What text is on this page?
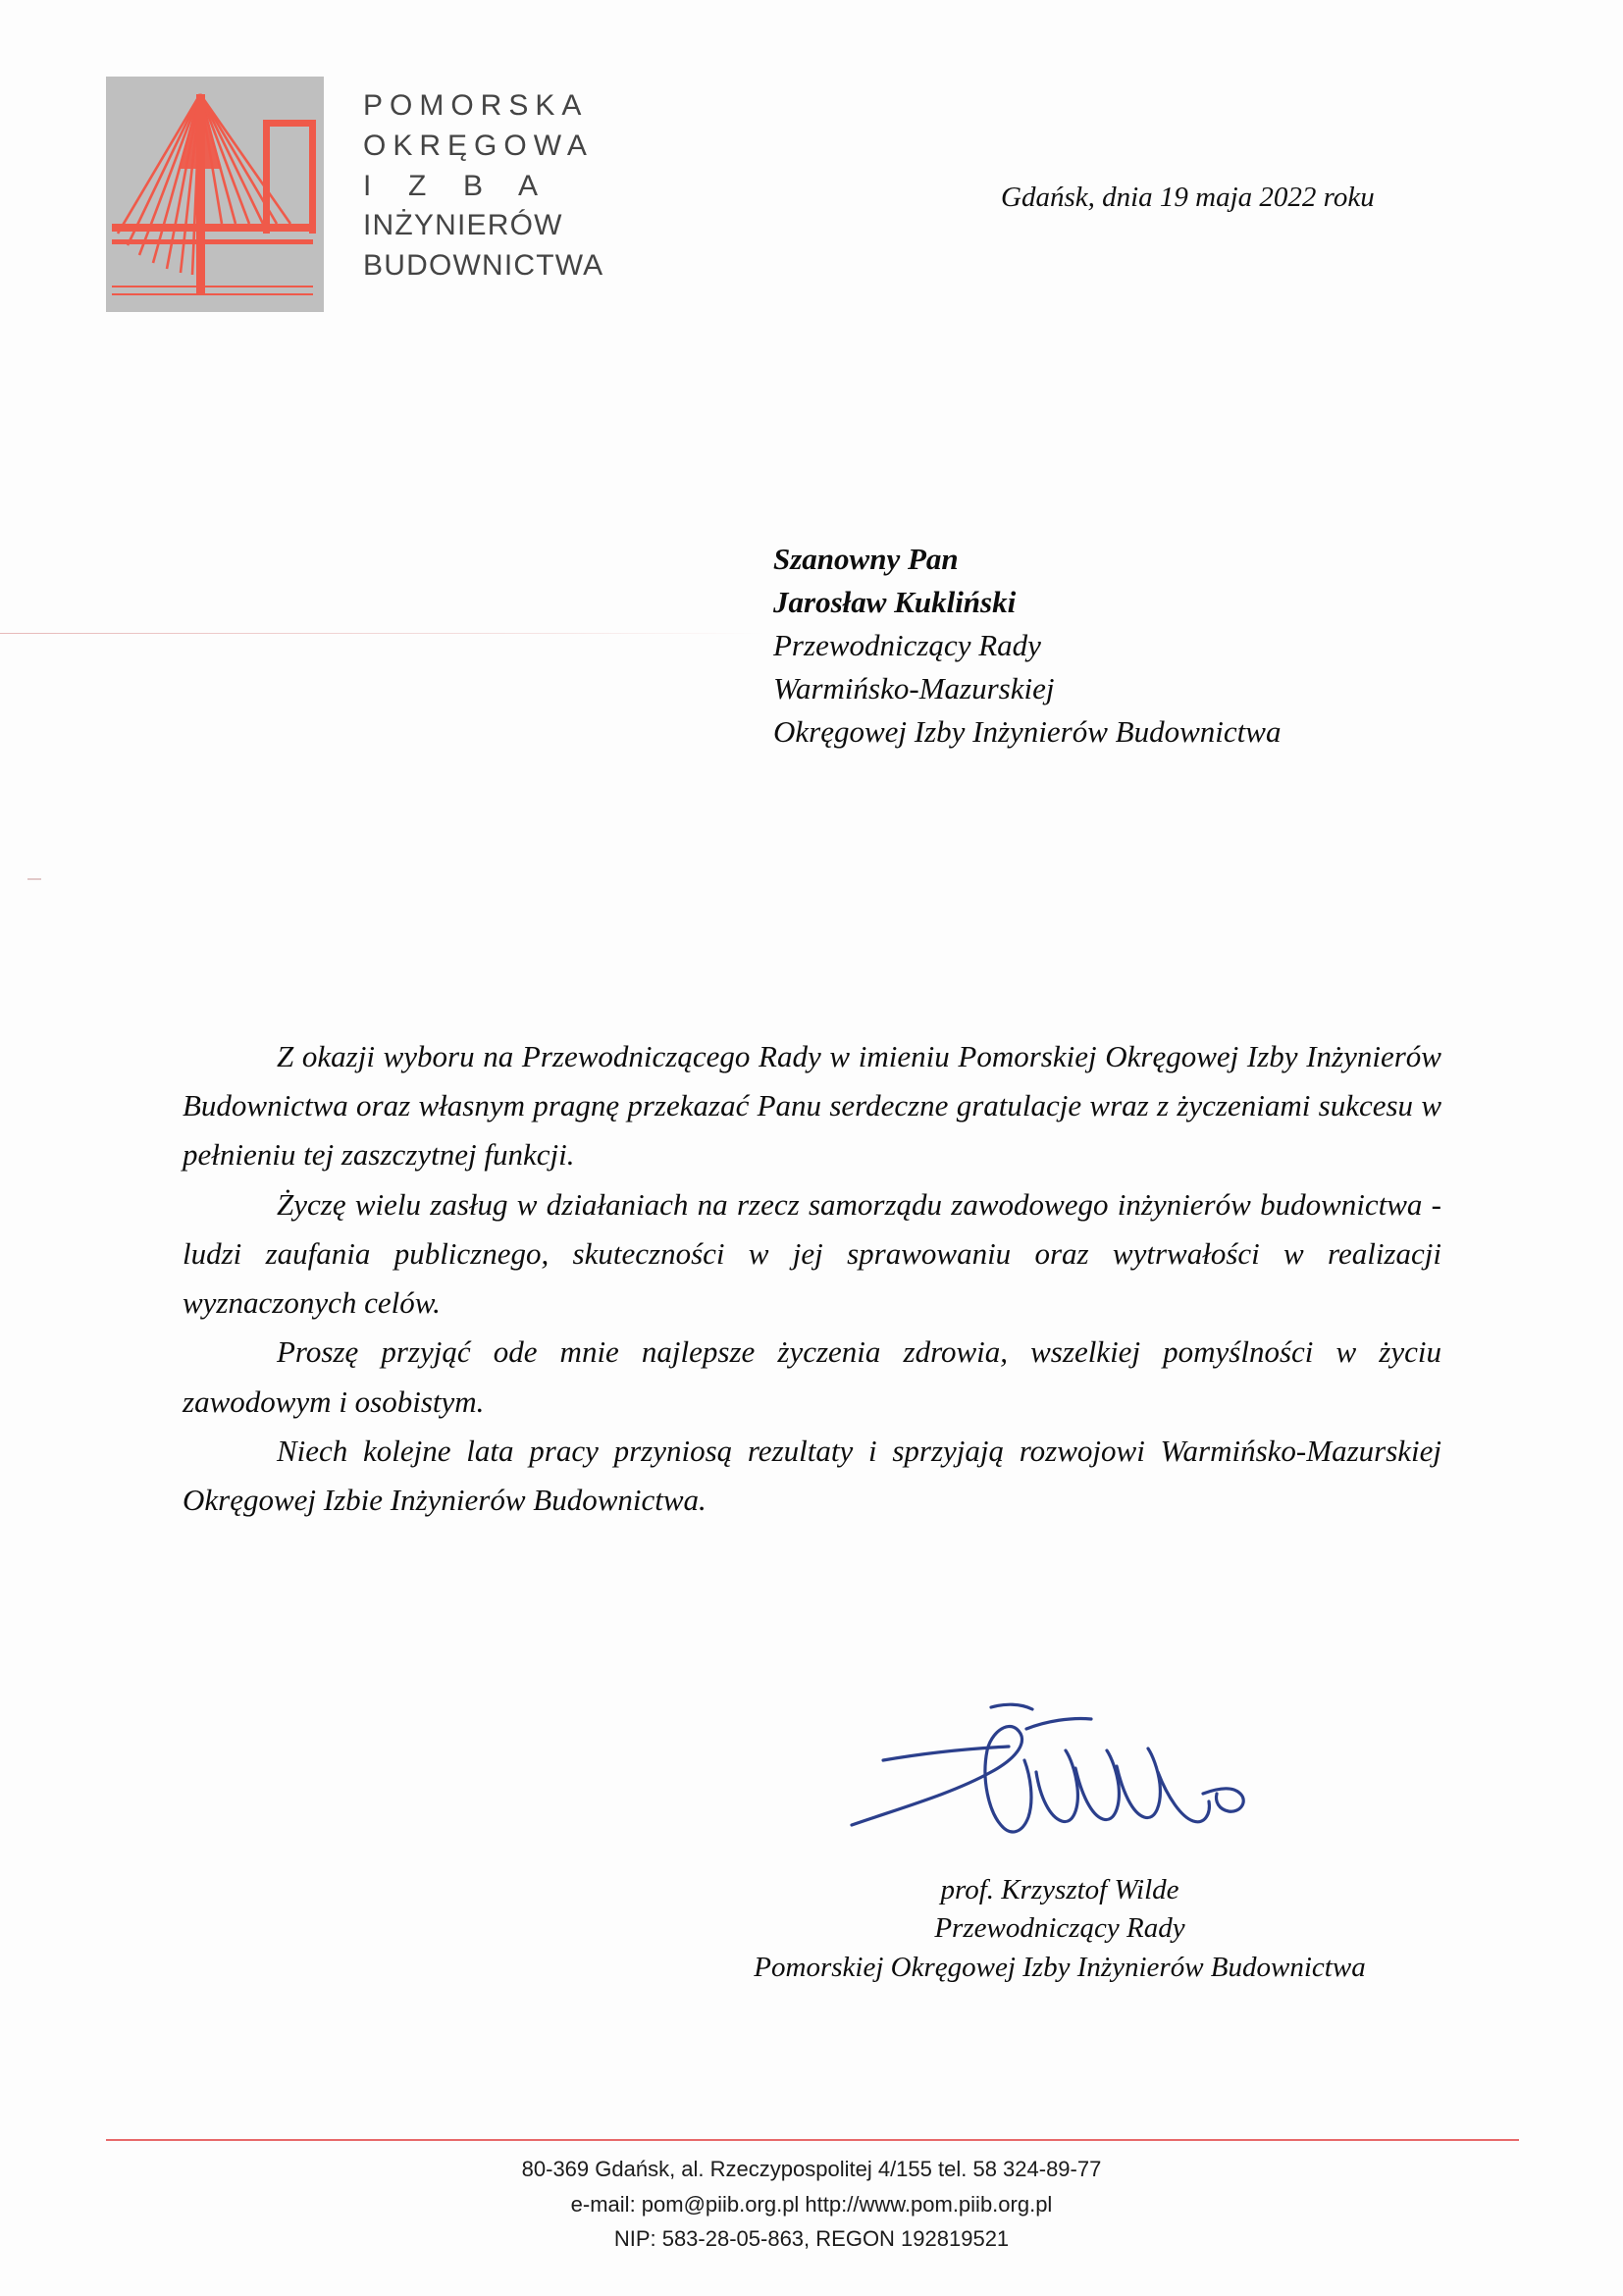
POMORSKA
OKRĘGOWA
I  Z  B  A
INŻYNIERÓW
BUDOWNICTWA
Gdańsk, dnia 19 maja 2022 roku
Szanowny Pan
Jarosław Kukliński
Przewodniczący Rady
Warmińsko-Mazurskiej
Okręgowej Izby Inżynierów Budownictwa

Z okazji wyboru na Przewodniczącego Rady w imieniu Pomorskiej Okręgowej Izby Inżynierów Budownictwa oraz własnym pragnę przekazać Panu serdeczne gratulacje wraz z życzeniami sukcesu w pełnieniu tej zaszczytnej funkcji.

Życzę wielu zasług w działaniach na rzecz samorządu zawodowego inżynierów budownictwa - ludzi zaufania publicznego, skuteczności w jej sprawowaniu oraz wytrwałości w realizacji wyznaczonych celów.

Proszę przyjąć ode mnie najlepsze życzenia zdrowia, wszelkiej pomyślności w życiu zawodowym i osobistym.

Niech kolejne lata pracy przyniosą rezultaty i sprzyjają rozwojowi Warmińsko-Mazurskiej Okręgowej Izbie Inżynierów Budownictwa.

prof. Krzysztof Wilde
Przewodniczący Rady
Pomorskiej Okręgowej Izby Inżynierów Budownictwa
80-369 Gdańsk, al. Rzeczypospolitej 4/155 tel. 58 324-89-77
e-mail: pom@piib.org.pl http://www.pom.piib.org.pl
NIP: 583-28-05-863, REGON 192819521
